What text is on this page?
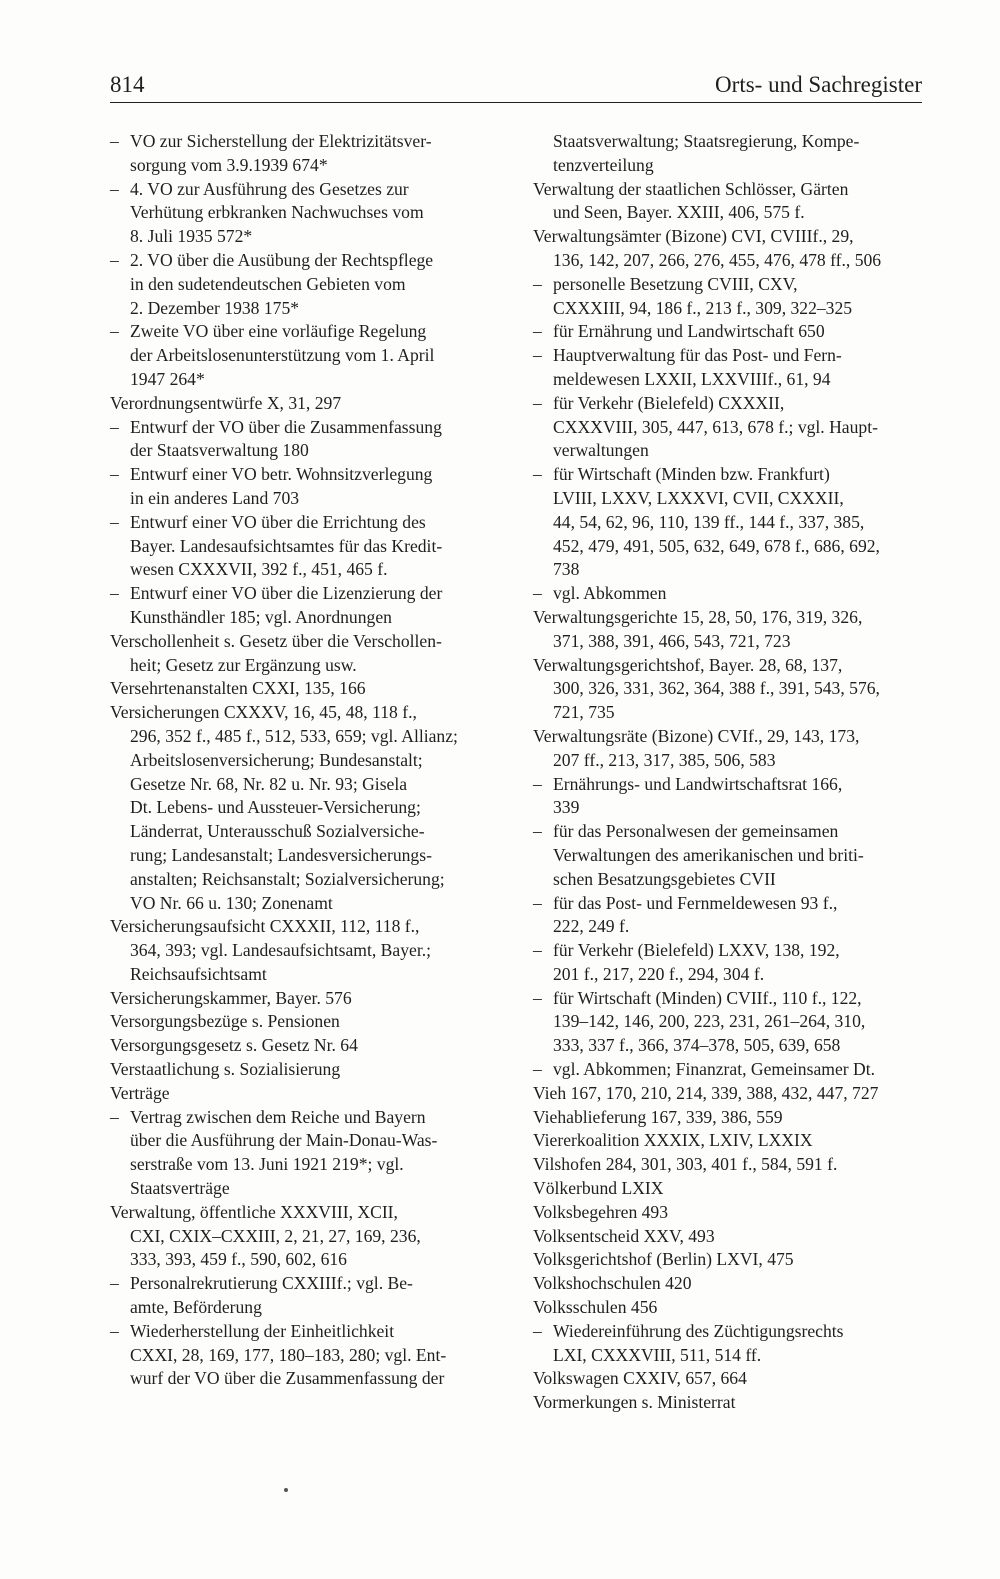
814	Orts- und Sachregister

– VO zur Sicherstellung der Elektrizitätsver-
sorgung vom 3.9.1939 674*

– 4. VO zur Ausführung des Gesetzes zur
Verhütung erbkranken Nachwuchses vom
8. Juli 1935 572*

– 2. VO über die Ausübung der Rechtspflege
in den sudetendeutschen Gebieten vom
2. Dezember 1938 175*

– Zweite VO über eine vorläufige Regelung
der Arbeitslosenunterstützung vom 1. April
1947 264*

Verordnungsentwürfe X, 31, 297

– Entwurf der VO über die Zusammenfassung
der Staatsverwaltung 180

– Entwurf einer VO betr. Wohnsitzverlegung
in ein anderes Land 703

– Entwurf einer VO über die Errichtung des
Bayer. Landesaufsichtsamtes für das Kredit-
wesen CXXXVII, 392 f., 451, 465 f.

– Entwurf einer VO über die Lizenzierung der
Kunsthändler 185; vgl. Anordnungen

Verschollenheit s. Gesetz über die Verschollen-
heit; Gesetz zur Ergänzung usw.

Versehrtenanstalten CXXI, 135, 166

Versicherungen CXXXV, 16, 45, 48, 118 f.,
296, 352 f., 485 f., 512, 533, 659; vgl. Allianz;
Arbeitslosenversicherung; Bundesanstalt;
Gesetze Nr. 68, Nr. 82 u. Nr. 93; Gisela
Dt. Lebens- und Aussteuer-Versicherung;
Länderrat, Unterausschuß Sozialversiche-
rung; Landesanstalt; Landesversicherungs-
anstalten; Reichsanstalt; Sozialversicherung;
VO Nr. 66 u. 130; Zonenamt

Versicherungsaufsicht CXXXII, 112, 118 f.,
364, 393; vgl. Landesaufsichtsamt, Bayer.;
Reichsaufsichtsamt

Versicherungskammer, Bayer. 576

Versorgungsbezüge s. Pensionen

Versorgungsgesetz s. Gesetz Nr. 64

Verstaatlichung s. Sozialisierung

Verträge

– Vertrag zwischen dem Reiche und Bayern
über die Ausführung der Main-Donau-Was-
serstraße vom 13. Juni 1921 219*; vgl.
Staatsverträge

Verwaltung, öffentliche XXXVIII, XCII,
CXI, CXIX–CXXIII, 2, 21, 27, 169, 236,
333, 393, 459 f., 590, 602, 616

– Personalrekrutierung CXXIIIf.; vgl. Be-
amte, Beförderung

– Wiederherstellung der Einheitlichkeit
CXXI, 28, 169, 177, 180–183, 280; vgl. Ent-
wurf der VO über die Zusammenfassung der

Staatsverwaltung; Staatsregierung, Kompe-
tenzverteilung

Verwaltung der staatlichen Schlösser, Gärten
und Seen, Bayer. XXIII, 406, 575 f.

Verwaltungsämter (Bizone) CVI, CVIIIf., 29,
136, 142, 207, 266, 276, 455, 476, 478 ff., 506

– personelle Besetzung CVIII, CXV,
CXXXIII, 94, 186 f., 213 f., 309, 322–325

– für Ernährung und Landwirtschaft 650

– Hauptverwaltung für das Post- und Fern-
meldewesen LXXII, LXXVIIIf., 61, 94

– für Verkehr (Bielefeld) CXXXII,
CXXXVIII, 305, 447, 613, 678 f.; vgl. Haupt-
verwaltungen

– für Wirtschaft (Minden bzw. Frankfurt)
LVIII, LXXV, LXXXVI, CVII, CXXXII,
44, 54, 62, 96, 110, 139 ff., 144 f., 337, 385,
452, 479, 491, 505, 632, 649, 678 f., 686, 692,
738

– vgl. Abkommen

Verwaltungsgerichte 15, 28, 50, 176, 319, 326,
371, 388, 391, 466, 543, 721, 723

Verwaltungsgerichtshof, Bayer. 28, 68, 137,
300, 326, 331, 362, 364, 388 f., 391, 543, 576,
721, 735

Verwaltungsräte (Bizone) CVIf., 29, 143, 173,
207 ff., 213, 317, 385, 506, 583

– Ernährungs- und Landwirtschaftsrat 166,
339

– für das Personalwesen der gemeinsamen
Verwaltungen des amerikanischen und briti-
schen Besatzungsgebietes CVII

– für das Post- und Fernmeldewesen 93 f.,
222, 249 f.

– für Verkehr (Bielefeld) LXXV, 138, 192,
201 f., 217, 220 f., 294, 304 f.

– für Wirtschaft (Minden) CVIIf., 110 f., 122,
139–142, 146, 200, 223, 231, 261–264, 310,
333, 337 f., 366, 374–378, 505, 639, 658

– vgl. Abkommen; Finanzrat, Gemeinsamer Dt.

Vieh 167, 170, 210, 214, 339, 388, 432, 447, 727

Viehablieferung 167, 339, 386, 559

Viererkoalition XXXIX, LXIV, LXXIX

Vilshofen 284, 301, 303, 401 f., 584, 591 f.

Völkerbund LXIX

Volksbegehren 493

Volksentscheid XXV, 493

Volksgerichtshof (Berlin) LXVI, 475

Volkshochschulen 420

Volksschulen 456

– Wiedereinführung des Züchtigungsrechts
LXI, CXXXVIII, 511, 514 ff.

Volkswagen CXXIV, 657, 664

Vormerkungen s. Ministerrat
